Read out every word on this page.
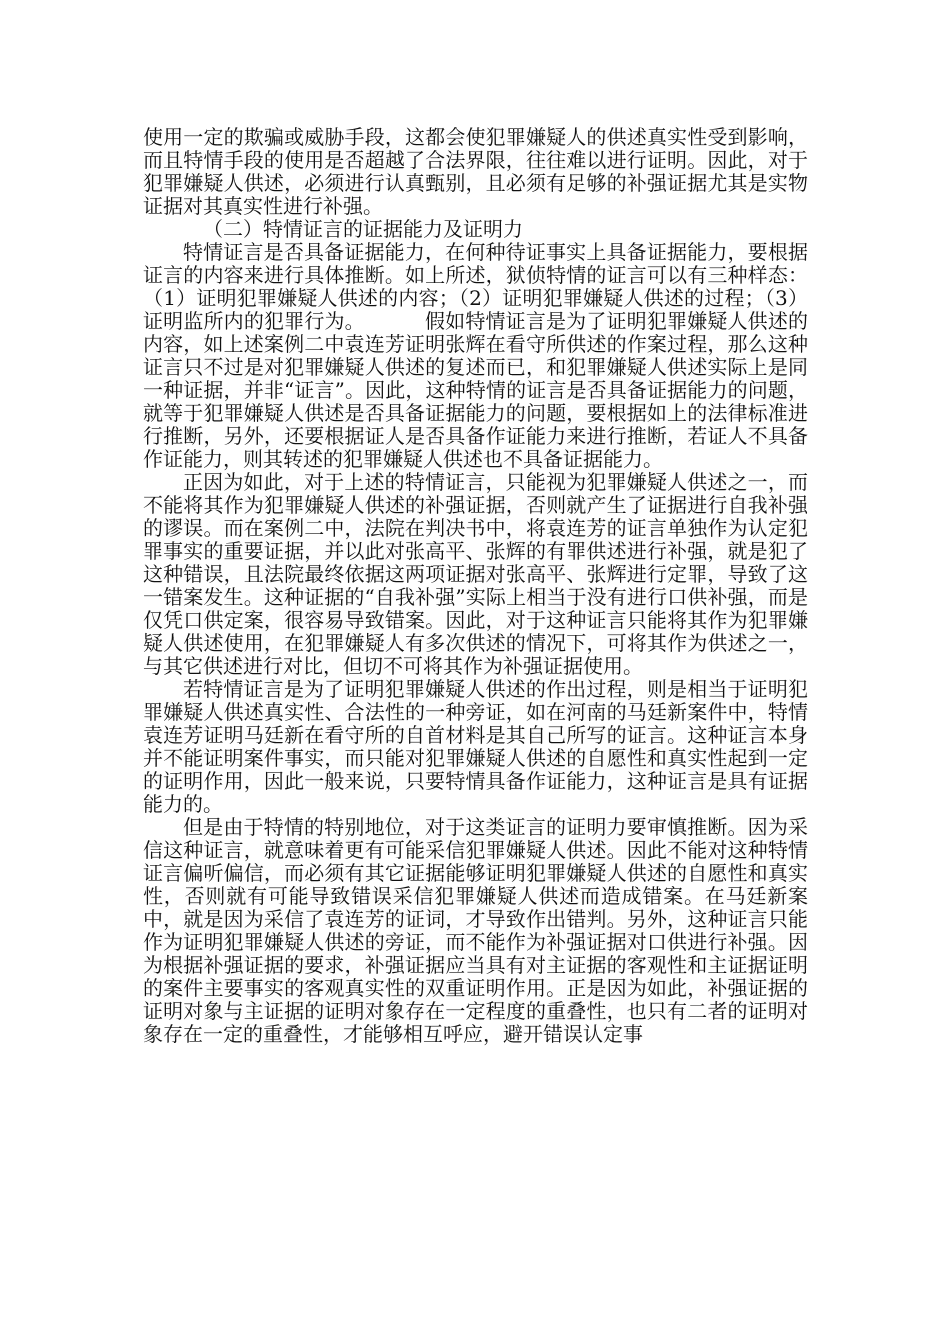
使用一定的欺骗或威胁手段，这都会使犯罪嫌疑人的供述真实性受到影响，而且特情手段的使用是否超越了合法界限，往往难以进行证明。因此，对于犯罪嫌疑人供述，必须进行认真甄别，且必须有足够的补强证据尤其是实物证据对其真实性进行补强。

（二）特情证言的证据能力及证明力

特情证言是否具备证据能力，在何种待证事实上具备证据能力，要根据证言的内容来进行具体推断。如上所述，狱侦特情的证言可以有三种样态：（1）证明犯罪嫌疑人供述的内容；（2）证明犯罪嫌疑人供述的过程；（3）证明监所内的犯罪行为。	假如特情证言是为了证明犯罪嫌疑人供述的内容，如上述案例二中袁连芳证明张辉在看守所供述的作案过程，那么这种证言只不过是对犯罪嫌疑人供述的复述而已，和犯罪嫌疑人供述实际上是同一种证据，并非“证言”。因此，这种特情的证言是否具备证据能力的问题，就等于犯罪嫌疑人供述是否具备证据能力的问题，要根据如上的法律标准进行推断，另外，还要根据证人是否具备作证能力来进行推断，若证人不具备作证能力，则其转述的犯罪嫌疑人供述也不具备证据能力。

正因为如此，对于上述的特情证言，只能视为犯罪嫌疑人供述之一，而不能将其作为犯罪嫌疑人供述的补强证据，否则就产生了证据进行自我补强的谬误。而在案例二中，法院在判决书中，将袁连芳的证言单独作为认定犯罪事实的重要证据，并以此对张高平、张辉的有罪供述进行补强，就是犯了这种错误，且法院最终依据这两项证据对张高平、张辉进行定罪，导致了这一错案发生。这种证据的“自我补强”实际上相当于没有进行口供补强，而是仅凭口供定案，很容易导致错案。因此，对于这种证言只能将其作为犯罪嫌疑人供述使用，在犯罪嫌疑人有多次供述的情况下，可将其作为供述之一，与其它供述进行对比，但切不可将其作为补强证据使用。

若特情证言是为了证明犯罪嫌疑人供述的作出过程，则是相当于证明犯罪嫌疑人供述真实性、合法性的一种旁证，如在河南的马廷新案件中，特情袁连芳证明马廷新在看守所的自首材料是其自己所写的证言。这种证言本身并不能证明案件事实，而只能对犯罪嫌疑人供述的自愿性和真实性起到一定的证明作用，因此一般来说，只要特情具备作证能力，这种证言是具有证据能力的。

但是由于特情的特别地位，对于这类证言的证明力要审慎推断。因为采信这种证言，就意味着更有可能采信犯罪嫌疑人供述。因此不能对这种特情证言偏听偏信，而必须有其它证据能够证明犯罪嫌疑人供述的自愿性和真实性，否则就有可能导致错误采信犯罪嫌疑人供述而造成错案。在马廷新案中，就是因为采信了袁连芳的证词，才导致作出错判。另外，这种证言只能作为证明犯罪嫌疑人供述的旁证，而不能作为补强证据对口供进行补强。因为根据补强证据的要求，补强证据应当具有对主证据的客观性和主证据证明的案件主要事实的客观真实性的双重证明作用。正是因为如此，补强证据的证明对象与主证据的证明对象存在一定程度的重叠性，也只有二者的证明对象存在一定的重叠性，才能够相互呼应，避开错误认定事
